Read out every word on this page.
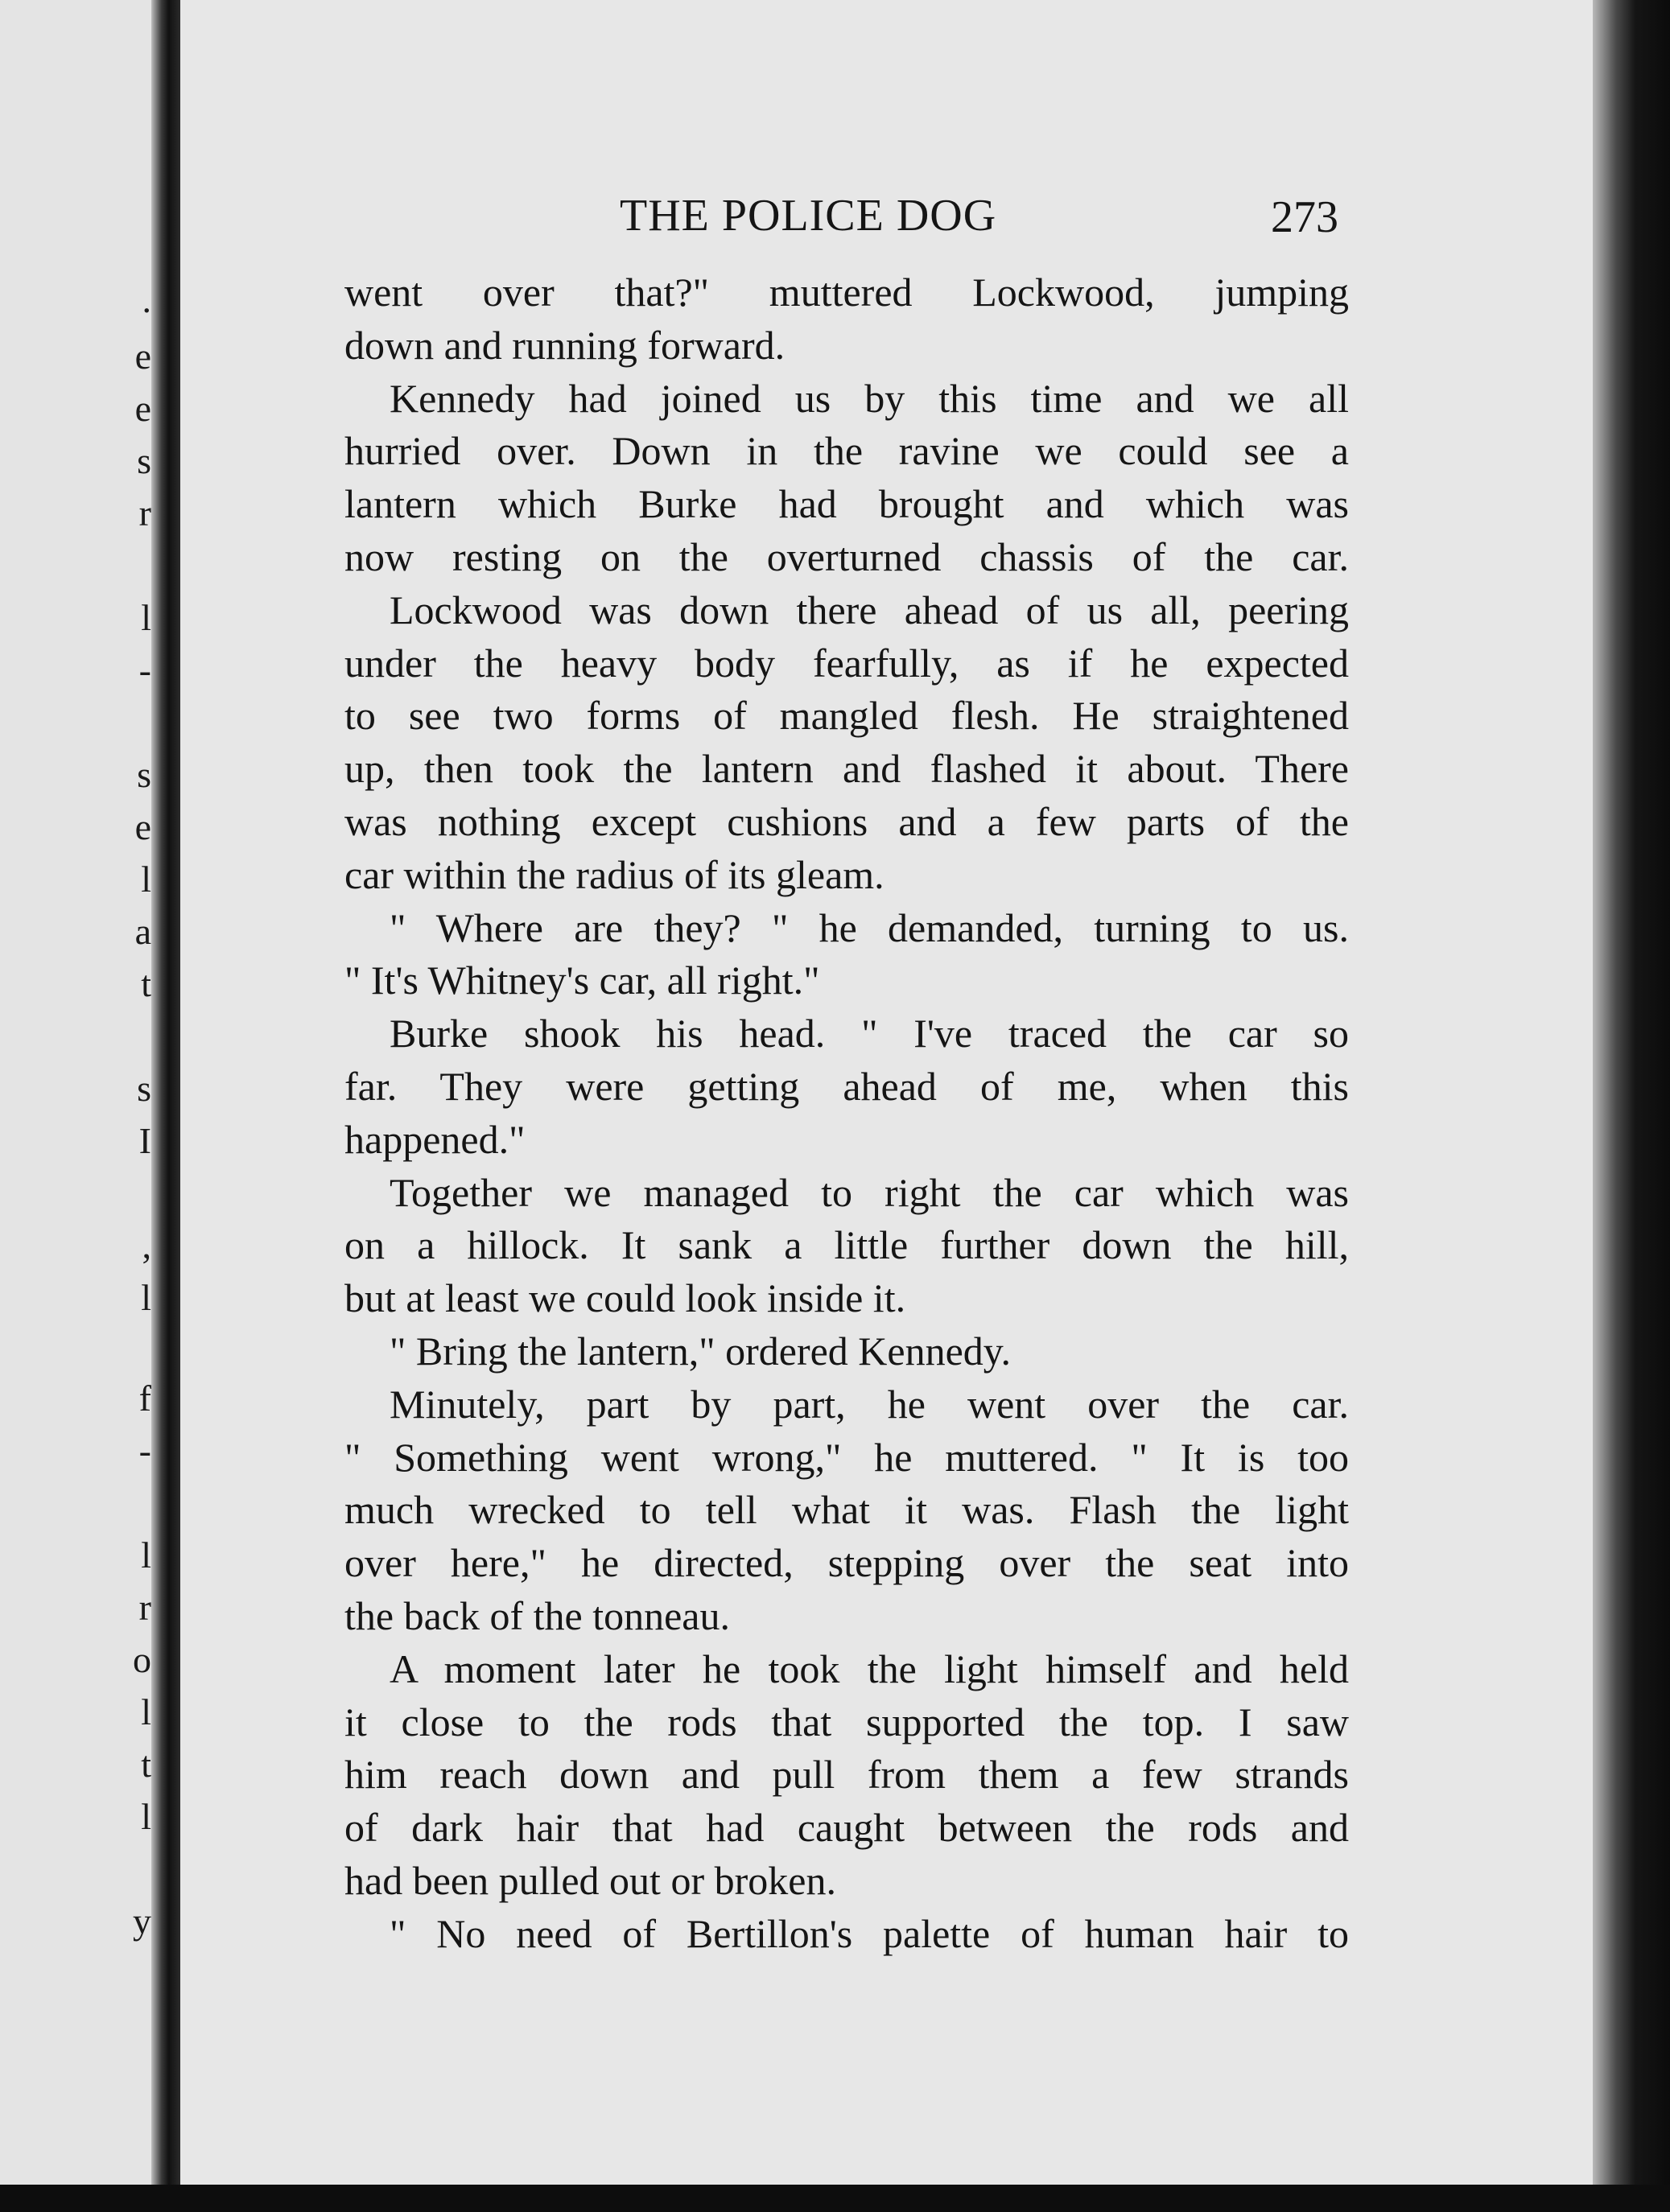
.
e
e
s
r
l
-
s
e
l
a
t
s
I
,
l
f
-
l
r
o
l
t
l
y
THE POLICE DOG	273
went over that?" muttered Lockwood, jumping
down and running forward.
Kennedy had joined us by this time and we all
hurried over. Down in the ravine we could see a
lantern which Burke had brought and which was
now resting on the overturned chassis of the car.
Lockwood was down there ahead of us all, peering
under the heavy body fearfully, as if he expected
to see two forms of mangled flesh. He straightened
up, then took the lantern and flashed it about. There
was nothing except cushions and a few parts of the
car within the radius of its gleam.
" Where are they? " he demanded, turning to us.
" It's Whitney's car, all right."
Burke shook his head. " I've traced the car so
far. They were getting ahead of me, when this
happened."
Together we managed to right the car which was
on a hillock. It sank a little further down the hill,
but at least we could look inside it.
" Bring the lantern," ordered Kennedy.
Minutely, part by part, he went over the car.
" Something went wrong," he muttered. " It is too
much wrecked to tell what it was. Flash the light
over here," he directed, stepping over the seat into
the back of the tonneau.
A moment later he took the light himself and held
it close to the rods that supported the top. I saw
him reach down and pull from them a few strands
of dark hair that had caught between the rods and
had been pulled out or broken.
" No need of Bertillon's palette of human hair to
